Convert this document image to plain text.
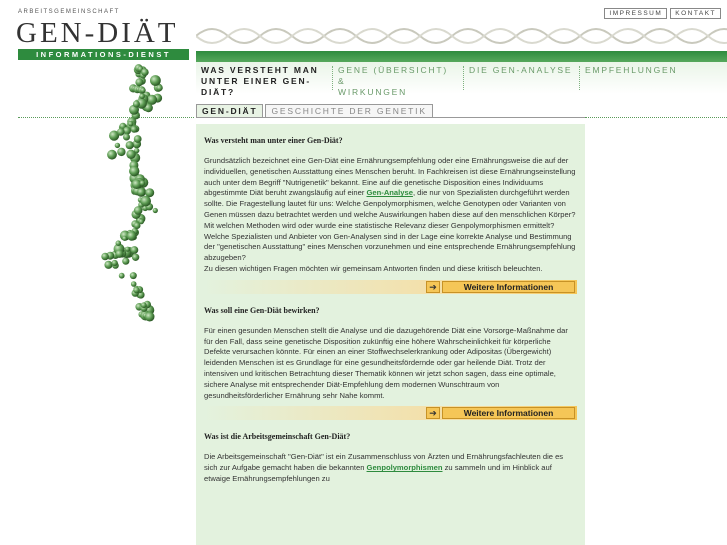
ARBEITSGEMEINSCHAFT	IMPRESSUM	KONTAKT
GEN-DIÄT
INFORMATIONS-DIENST
WAS VERSTEHT MAN
UNTER EINER GEN-DIÄT?
GENE (ÜBERSICHT) &
WIRKUNGEN
DIE GEN-ANALYSE EMPFEHLUNGEN
GEN-DIÄT	GESCHICHTE DER GENETIK
Was versteht man unter einer Gen-Diät?

Grundsätzlich bezeichnet eine Gen-Diät eine Ernährungsempfehlung oder eine Ernährungsweise die auf der individuellen, genetischen Ausstattung eines Menschen beruht. In Fachkreisen ist diese Ernährungseinstellung auch unter dem Begriff "Nutrigenetik" bekannt. Eine auf die genetische Disposition eines Individuums abgestimmte Diät beruht zwangsläufig auf einer Gen-Analyse, die nur von Spezialisten durchgeführt werden sollte. Die Fragestellung lautet für uns: Welche Genpolymorphismen, welche Genotypen oder Varianten von Genen müssen dazu betrachtet werden und welche Auswirkungen haben diese auf den menschlichen Körper? Mit welchen Methoden wird oder wurde eine statistische Relevanz dieser Genpolymorphismen ermittelt? Welche Spezialisten und Anbieter von Gen-Analysen sind in der Lage eine korrekte Analyse und Bestimmung der "genetischen Ausstattung" eines Menschen vorzunehmen und eine entsprechende Ernährungsempfehlung abzugeben?
Zu diesen wichtigen Fragen möchten wir gemeinsam Antworten finden und diese kritisch beleuchten.

➔	Weitere Informationen
Was soll eine Gen-Diät bewirken?

Für einen gesunden Menschen stellt die Analyse und die dazugehörende Diät eine Vorsorge-Maßnahme dar für den Fall, dass seine genetische Disposition zukünftig eine höhere Wahrscheinlichkeit für körperliche Defekte verursachen könnte. Für einen an einer Stoffwechselerkrankung oder Adipositas (Übergewicht) leidenden Menschen ist es Grundlage für eine gesundheitsfördernde oder gar heilende Diät. Trotz der intensiven und kritischen Betrachtung dieser Thematik können wir jetzt schon sagen, dass eine optimale, sichere Analyse mit entsprechender Diät-Empfehlung dem modernen Wunschtraum von gesundheitsförderlicher Ernährung sehr Nahe kommt.

➔	Weitere Informationen
Was ist die Arbeitsgemeinschaft Gen-Diät?

Die Arbeitsgemeinschaft "Gen-Diät" ist ein Zusammenschluss von Ärzten und Ernährungsfachleuten die es sich zur Aufgabe gemacht haben die bekannten Genpolymorphismen zu sammeln und im Hinblick auf etwaige Ernährungsempfehlungen zu
